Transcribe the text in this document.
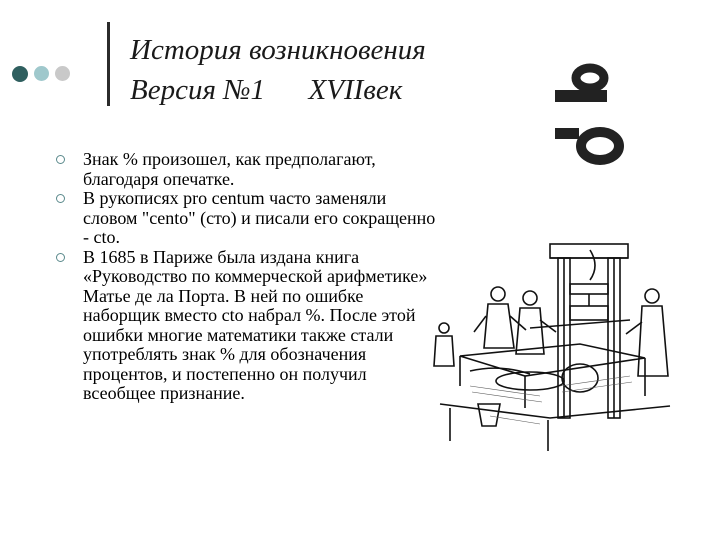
История возникновения
Версия №1      XVIIвек
Знак % произошел, как предполагают, благодаря опечатке.
В рукописях pro centum часто заменяли словом "cento" (сто) и писали его сокращенно - cto.
В 1685 в Париже была издана книга «Руководство по коммерческой арифметике» Матье де ла Порта. В ней по ошибке наборщик вместо cto набрал %. После этой ошибки многие математики также стали употреблять знак % для обозначения процентов, и постепенно он получил всеобщее признание.
